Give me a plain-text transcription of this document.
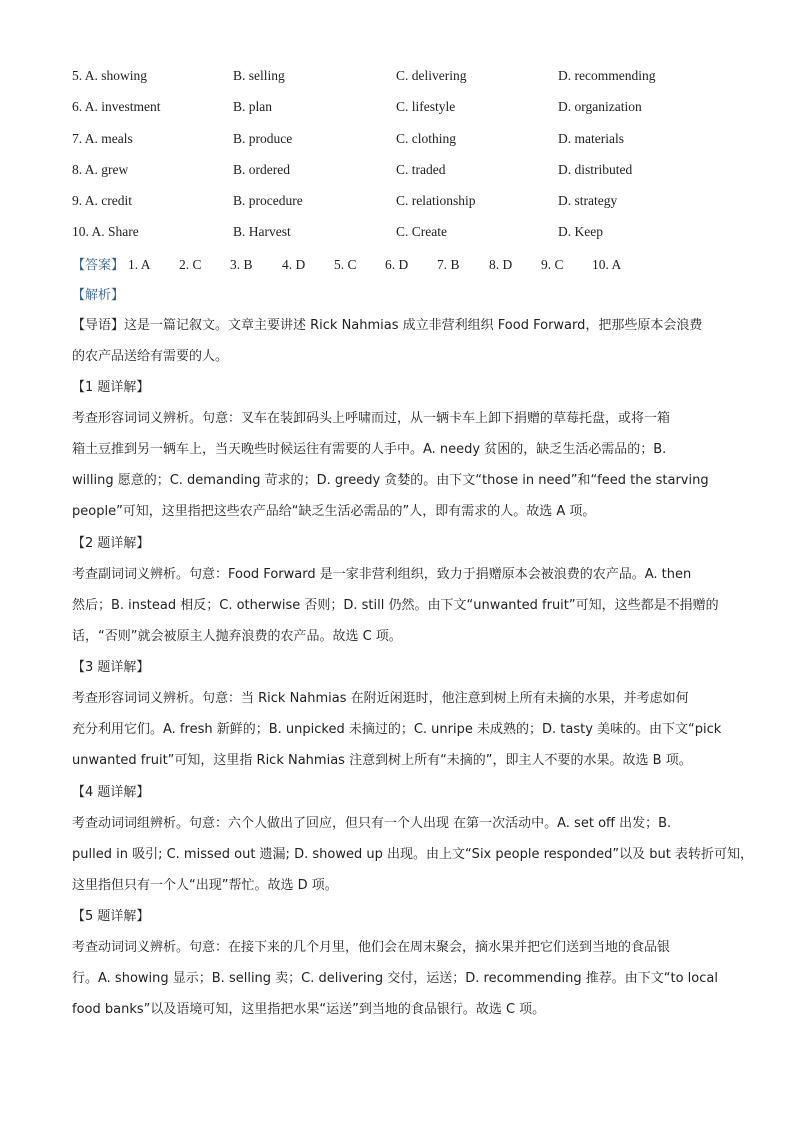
5. A. showing	B. selling	C. delivering	D. recommending
6. A. investment	B. plan	C. lifestyle	D. organization
7. A. meals	B. produce	C. clothing	D. materials
8. A. grew	B. ordered	C. traded	D. distributed
9. A. credit	B. procedure	C. relationship	D. strategy
10. A. Share	B. Harvest	C. Create	D. Keep
【答案】 1. A 2. C 3. B 4. D 5. C 6. D 7. B 8. D 9. C 10. A
【解析】
【导语】这是一篇记叙文。文章主要讲述 Rick Nahmias 成立非营利组织 Food Forward，把那些原本会浪费
的农产品送给有需要的人。
【1 题详解】
考查形容词词义辨析。句意：叉车在装卸码头上呼啸而过，从一辆卡车上卸下捐赠的草莓托盘，或将一箱
箱土豆推到另一辆车上，当天晚些时候运往有需要的人手中。A. needy 贫困的，缺乏生活必需品的；B.
willing 愿意的；C. demanding 苛求的；D. greedy 贪婪的。由下文“those in need”和“feed the starving
people”可知，这里指把这些农产品给“缺乏生活必需品的”人，即有需求的人。故选 A 项。
【2 题详解】
考查副词词义辨析。句意：Food Forward 是一家非营利组织，致力于捐赠原本会被浪费的农产品。A. then
然后；B. instead 相反；C. otherwise 否则；D. still 仍然。由下文“unwanted fruit”可知，这些都是不捐赠的
话，“否则”就会被原主人抛弃浪费的农产品。故选 C 项。
【3 题详解】
考查形容词词义辨析。句意：当 Rick Nahmias 在附近闲逛时，他注意到树上所有未摘的水果，并考虑如何
充分利用它们。A. fresh 新鲜的；B. unpicked 未摘过的；C. unripe 未成熟的；D. tasty 美味的。由下文“pick
unwanted fruit”可知，这里指 Rick Nahmias 注意到树上所有“未摘的”，即主人不要的水果。故选 B 项。
【4 题详解】
考查动词词组辨析。句意：六个人做出了回应，但只有一个人出现 在第一次活动中。A. set off 出发；B.
pulled in 吸引; C. missed out 遗漏; D. showed up 出现。由上文“Six people responded”以及 but 表转折可知，
这里指但只有一个人“出现”帮忙。故选 D 项。
【5 题详解】
考查动词词义辨析。句意：在接下来的几个月里，他们会在周末聚会，摘水果并把它们送到当地的食品银
行。A. showing 显示；B. selling 卖；C. delivering 交付，运送；D. recommending 推荐。由下文“to local
food banks”以及语境可知，这里指把水果“运送”到当地的食品银行。故选 C 项。
